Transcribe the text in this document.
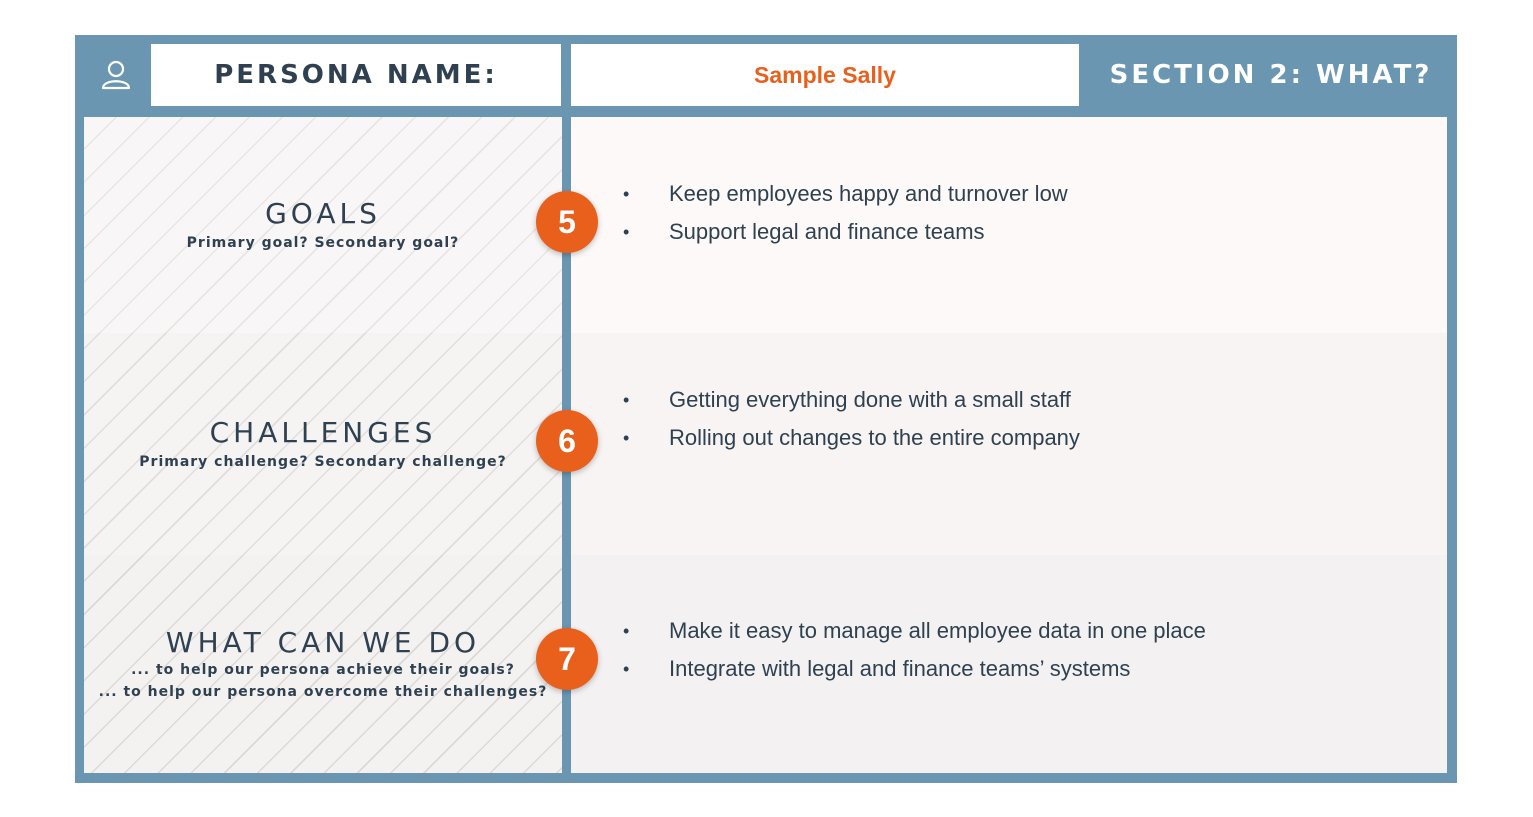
PERSONA NAME:	Sample Sally	SECTION 2: WHAT?
GOALS
Primary goal? Secondary goal?
CHALLENGES
Primary challenge? Secondary challenge?
WHAT CAN WE DO
... to help our persona achieve their goals?
... to help our persona overcome their challenges?
• Keep employees happy and turnover low
• Support legal and finance teams
• Getting everything done with a small staff
• Rolling out changes to the entire company
• Make it easy to manage all employee data in one place
• Integrate with legal and finance teams’ systems
5
6
7
